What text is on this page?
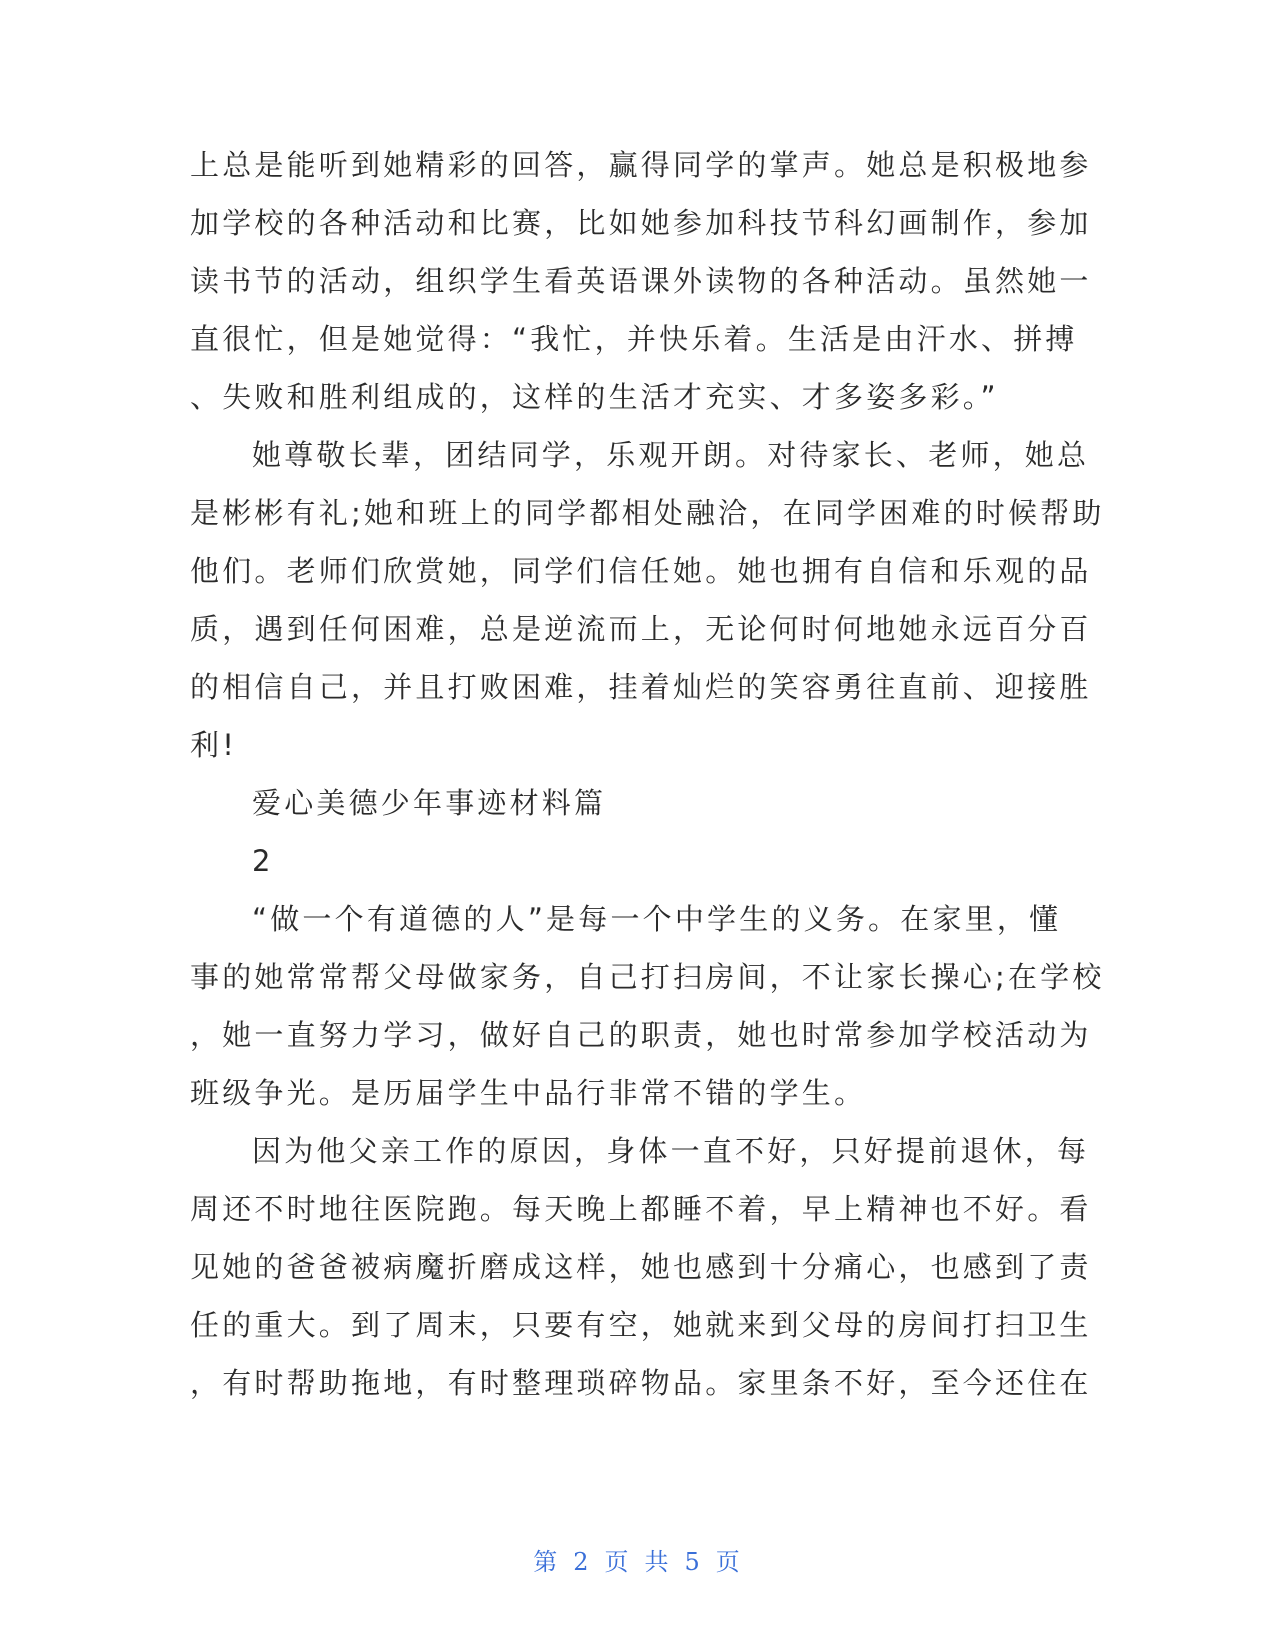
上总是能听到她精彩的回答，赢得同学的掌声。她总是积极地参
加学校的各种活动和比赛，比如她参加科技节科幻画制作，参加
读书节的活动，组织学生看英语课外读物的各种活动。虽然她一
直很忙，但是她觉得：“我忙，并快乐着。生活是由汗水、拼搏
、失败和胜利组成的，这样的生活才充实、才多姿多彩。”
她尊敬长辈，团结同学，乐观开朗。对待家长、老师，她总
是彬彬有礼;她和班上的同学都相处融洽，在同学困难的时候帮助
他们。老师们欣赏她，同学们信任她。她也拥有自信和乐观的品
质，遇到任何困难，总是逆流而上，无论何时何地她永远百分百
的相信自己，并且打败困难，挂着灿烂的笑容勇往直前、迎接胜
利!
爱心美德少年事迹材料篇
2
“做一个有道德的人”是每一个中学生的义务。在家里，懂
事的她常常帮父母做家务，自己打扫房间，不让家长操心;在学校
，她一直努力学习，做好自己的职责，她也时常参加学校活动为
班级争光。是历届学生中品行非常不错的学生。
因为他父亲工作的原因，身体一直不好，只好提前退休，每
周还不时地往医院跑。每天晚上都睡不着，早上精神也不好。看
见她的爸爸被病魔折磨成这样，她也感到十分痛心，也感到了责
任的重大。到了周末，只要有空，她就来到父母的房间打扫卫生
，有时帮助拖地，有时整理琐碎物品。家里条不好，至今还住在
第 2 页 共 5 页
